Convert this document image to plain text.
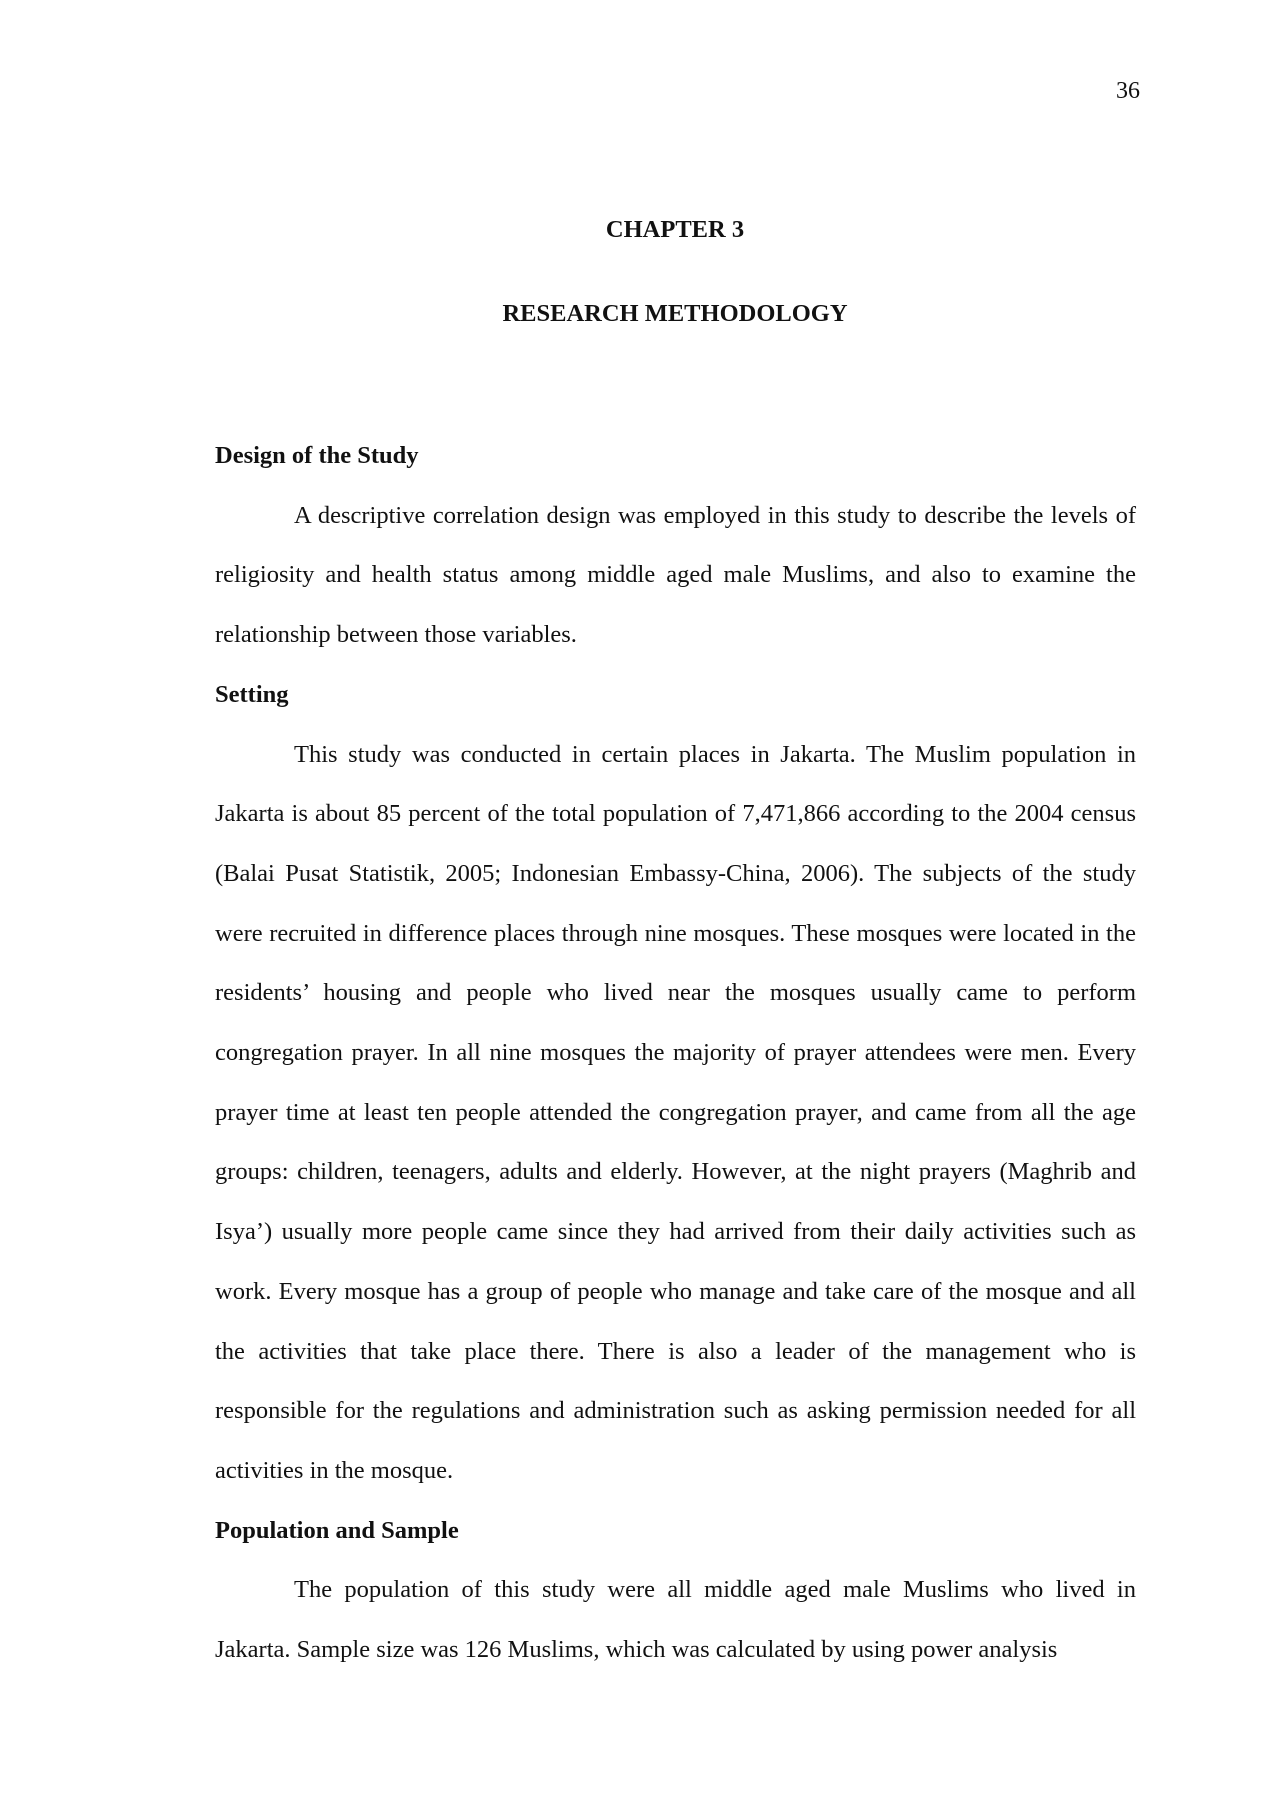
36
CHAPTER 3
RESEARCH METHODOLOGY
Design of the Study

A descriptive correlation design was employed in this study to describe the levels of religiosity and health status among middle aged male Muslims, and also to examine the relationship between those variables.

Setting

This study was conducted in certain places in Jakarta. The Muslim population in Jakarta is about 85 percent of the total population of 7,471,866 according to the 2004 census (Balai Pusat Statistik, 2005; Indonesian Embassy-China, 2006). The subjects of the study were recruited in difference places through nine mosques. These mosques were located in the residents’ housing and people who lived near the mosques usually came to perform congregation prayer. In all nine mosques the majority of prayer attendees were men. Every prayer time at least ten people attended the congregation prayer, and came from all the age groups: children, teenagers, adults and elderly. However, at the night prayers (Maghrib and Isya’) usually more people came since they had arrived from their daily activities such as work. Every mosque has a group of people who manage and take care of the mosque and all the activities that take place there. There is also a leader of the management who is responsible for the regulations and administration such as asking permission needed for all activities in the mosque.

Population and Sample

The population of this study were all middle aged male Muslims who lived in Jakarta. Sample size was 126 Muslims, which was calculated by using power analysis
